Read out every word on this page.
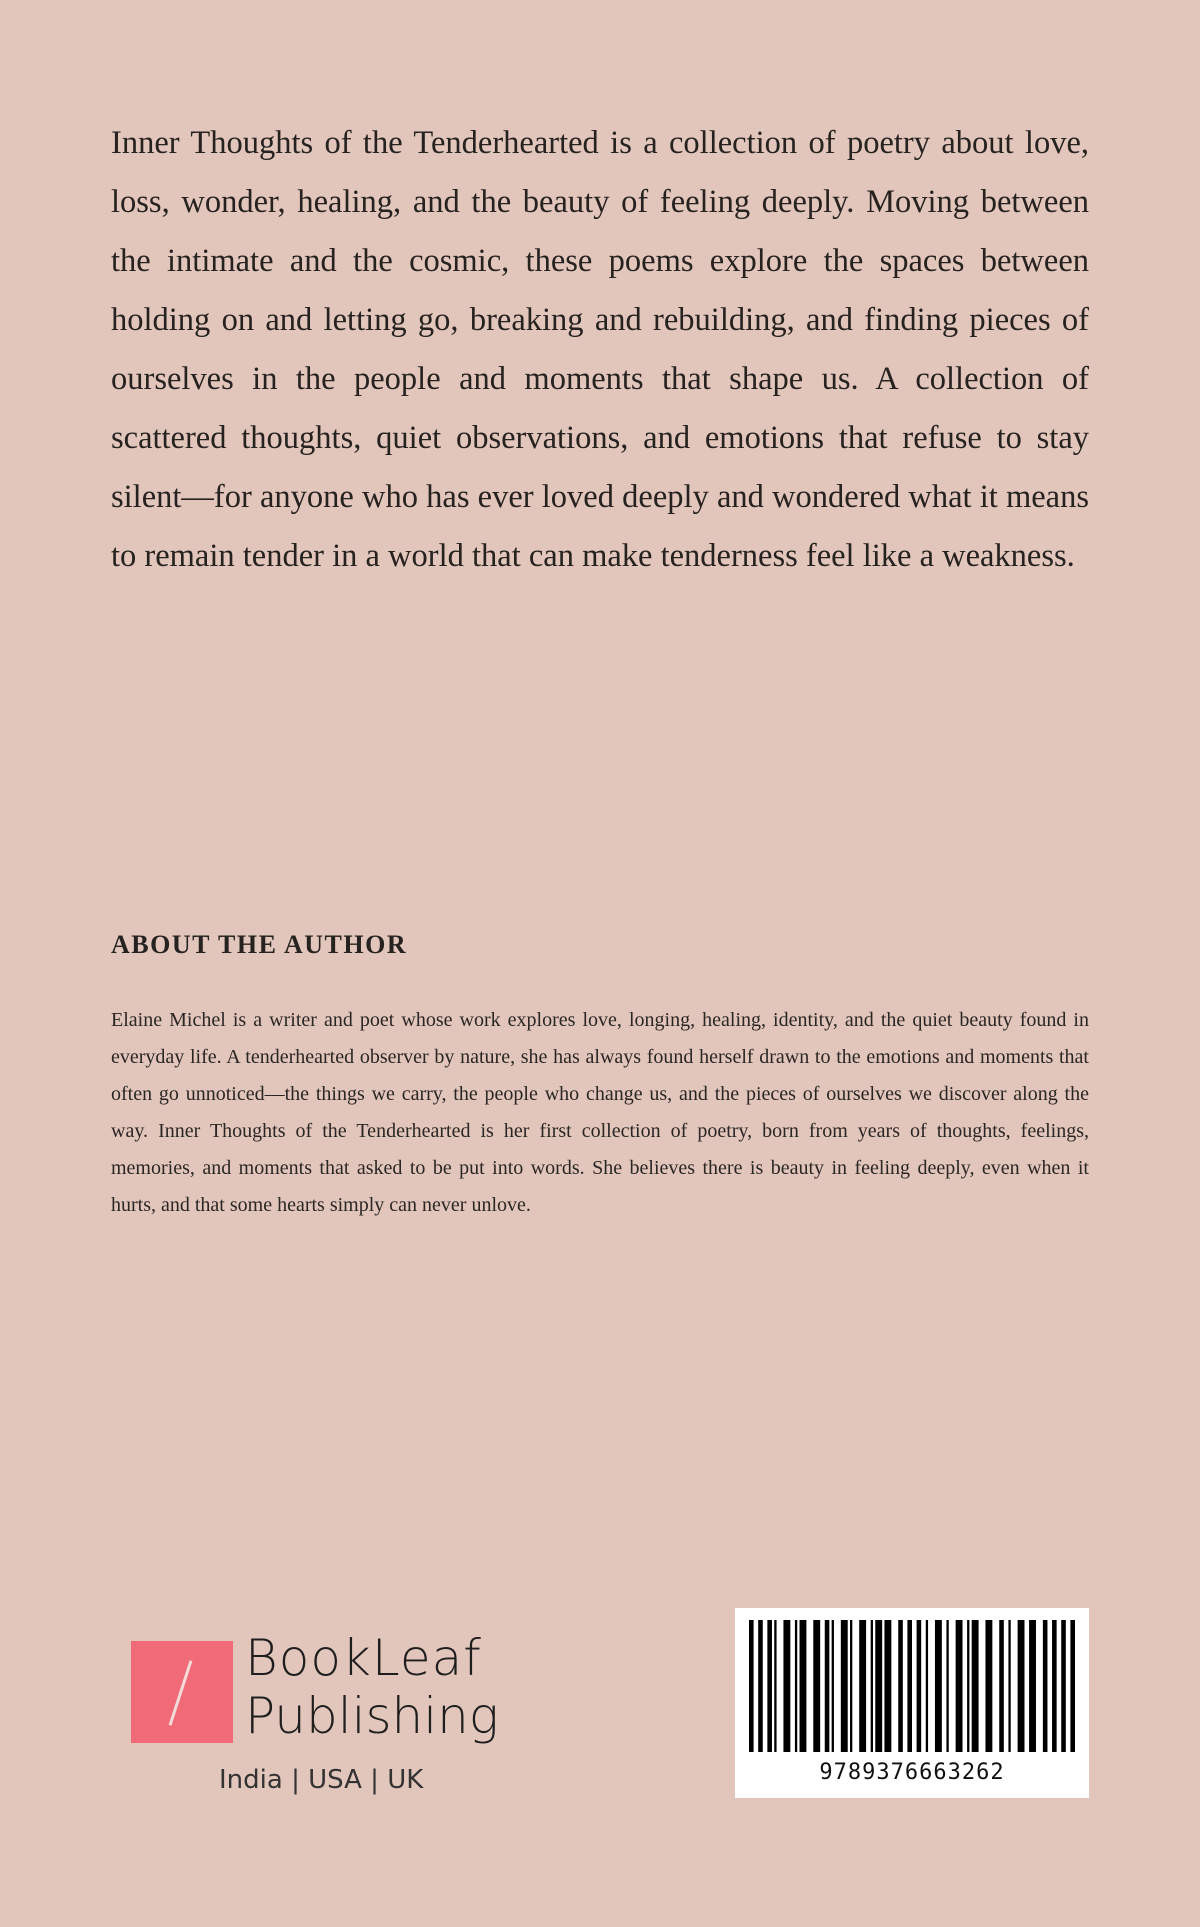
Inner Thoughts of the Tenderhearted is a collection of poetry about love, loss, wonder, healing, and the beauty of feeling deeply. Moving between the intimate and the cosmic, these poems explore the spaces between holding on and letting go, breaking and rebuilding, and finding pieces of ourselves in the people and moments that shape us. A collection of scattered thoughts, quiet observations, and emotions that refuse to stay silent—for anyone who has ever loved deeply and wondered what it means to remain tender in a world that can make tenderness feel like a weakness.

ABOUT THE AUTHOR

Elaine Michel is a writer and poet whose work explores love, longing, healing, identity, and the quiet beauty found in everyday life. A tenderhearted observer by nature, she has always found herself drawn to the emotions and moments that often go unnoticed—the things we carry, the people who change us, and the pieces of ourselves we discover along the way. Inner Thoughts of the Tenderhearted is her first collection of poetry, born from years of thoughts, feelings, memories, and moments that asked to be put into words. She believes there is beauty in feeling deeply, even when it hurts, and that some hearts simply can never unlove.

BookLeaf
Publishing
India | USA | UK	9789376663262
